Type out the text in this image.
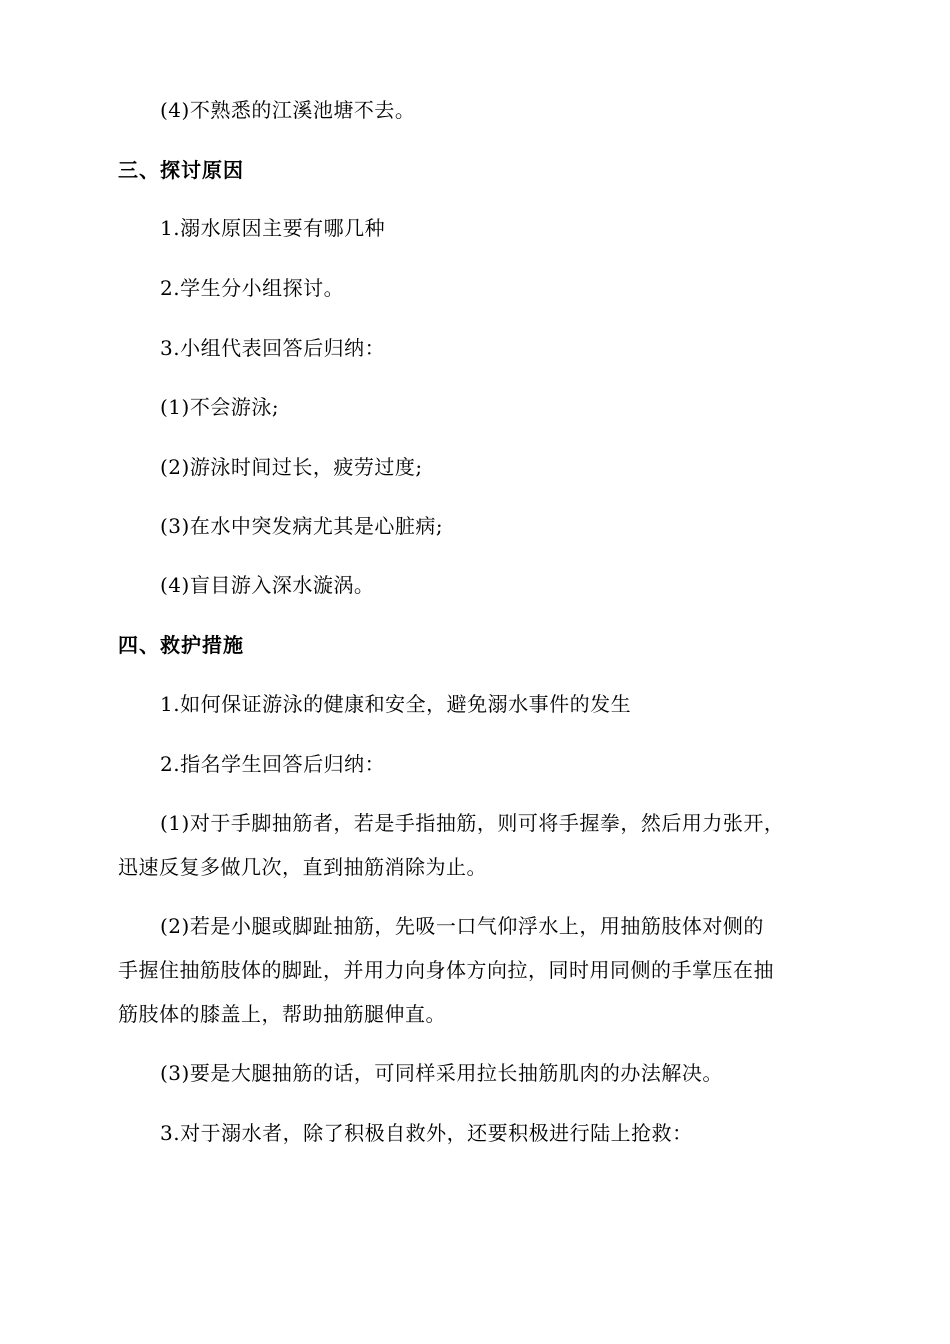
(4)不熟悉的江溪池塘不去。
三、探讨原因
1.溺水原因主要有哪几种
2.学生分小组探讨。
3.小组代表回答后归纳：
(1)不会游泳;
(2)游泳时间过长，疲劳过度;
(3)在水中突发病尤其是心脏病;
(4)盲目游入深水漩涡。
四、救护措施
1.如何保证游泳的健康和安全，避免溺水事件的发生
2.指名学生回答后归纳：
(1)对于手脚抽筋者，若是手指抽筋，则可将手握拳，然后用力张开，
迅速反复多做几次，直到抽筋消除为止。
(2)若是小腿或脚趾抽筋，先吸一口气仰浮水上，用抽筋肢体对侧的
手握住抽筋肢体的脚趾，并用力向身体方向拉，同时用同侧的手掌压在抽
筋肢体的膝盖上，帮助抽筋腿伸直。
(3)要是大腿抽筋的话，可同样采用拉长抽筋肌肉的办法解决。
3.对于溺水者，除了积极自救外，还要积极进行陆上抢救：
